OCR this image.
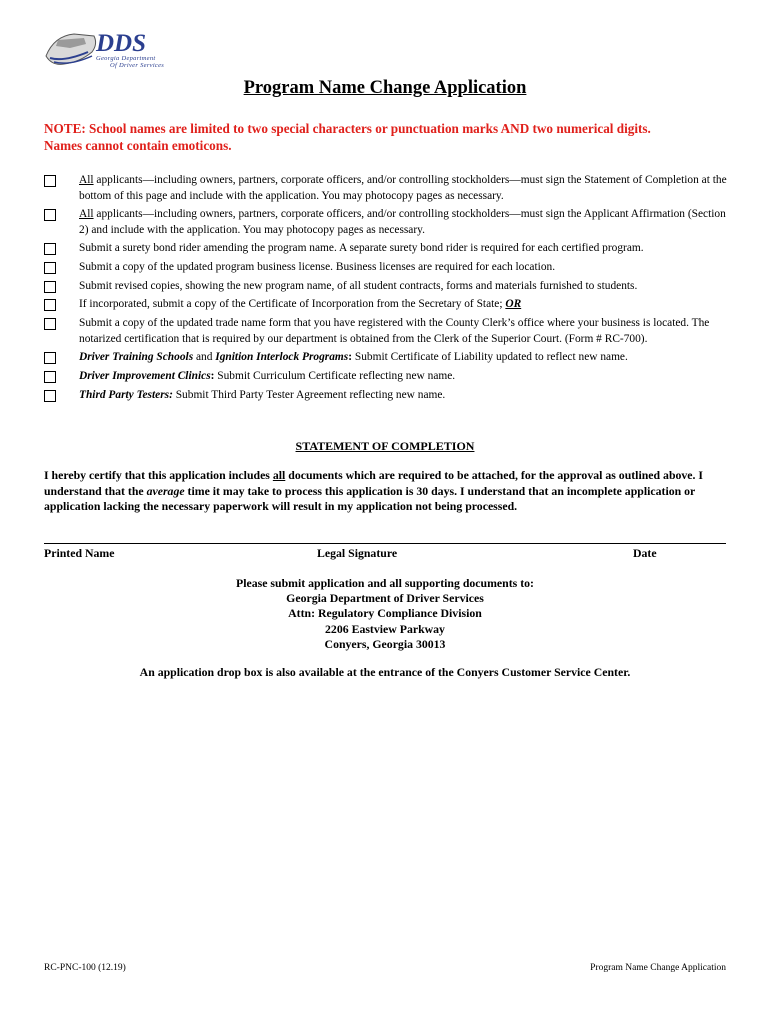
DDS
Georgia Department
Of Driver Services
Program Name Change Application
NOTE: School names are limited to two special characters or punctuation marks AND two numerical digits.
Names cannot contain emoticons.
All applicants—including owners, partners, corporate officers, and/or controlling stockholders—must sign the Statement of Completion at the bottom of this page and include with the application. You may photocopy pages as necessary.
All applicants—including owners, partners, corporate officers, and/or controlling stockholders—must sign the Applicant Affirmation (Section 2) and include with the application. You may photocopy pages as necessary.
Submit a surety bond rider amending the program name. A separate surety bond rider is required for each certified program.
Submit a copy of the updated program business license. Business licenses are required for each location.
Submit revised copies, showing the new program name, of all student contracts, forms and materials furnished to students.
If incorporated, submit a copy of the Certificate of Incorporation from the Secretary of State; OR
Submit a copy of the updated trade name form that you have registered with the County Clerk’s office where your business is located. The notarized certification that is required by our department is obtained from the Clerk of the Superior Court. (Form # RC-700).
Driver Training Schools and Ignition Interlock Programs: Submit Certificate of Liability updated to reflect new name.
Driver Improvement Clinics: Submit Curriculum Certificate reflecting new name.
Third Party Testers: Submit Third Party Tester Agreement reflecting new name.
STATEMENT OF COMPLETION
I hereby certify that this application includes all documents which are required to be attached, for the approval as outlined above. I understand that the average time it may take to process this application is 30 days. I understand that an incomplete application or application lacking the necessary paperwork will result in my application not being processed.
Printed Name	Legal Signature	Date
Please submit application and all supporting documents to:
Georgia Department of Driver Services
Attn: Regulatory Compliance Division
2206 Eastview Parkway
Conyers, Georgia 30013
An application drop box is also available at the entrance of the Conyers Customer Service Center.
RC-PNC-100 (12.19)	Program Name Change Application
